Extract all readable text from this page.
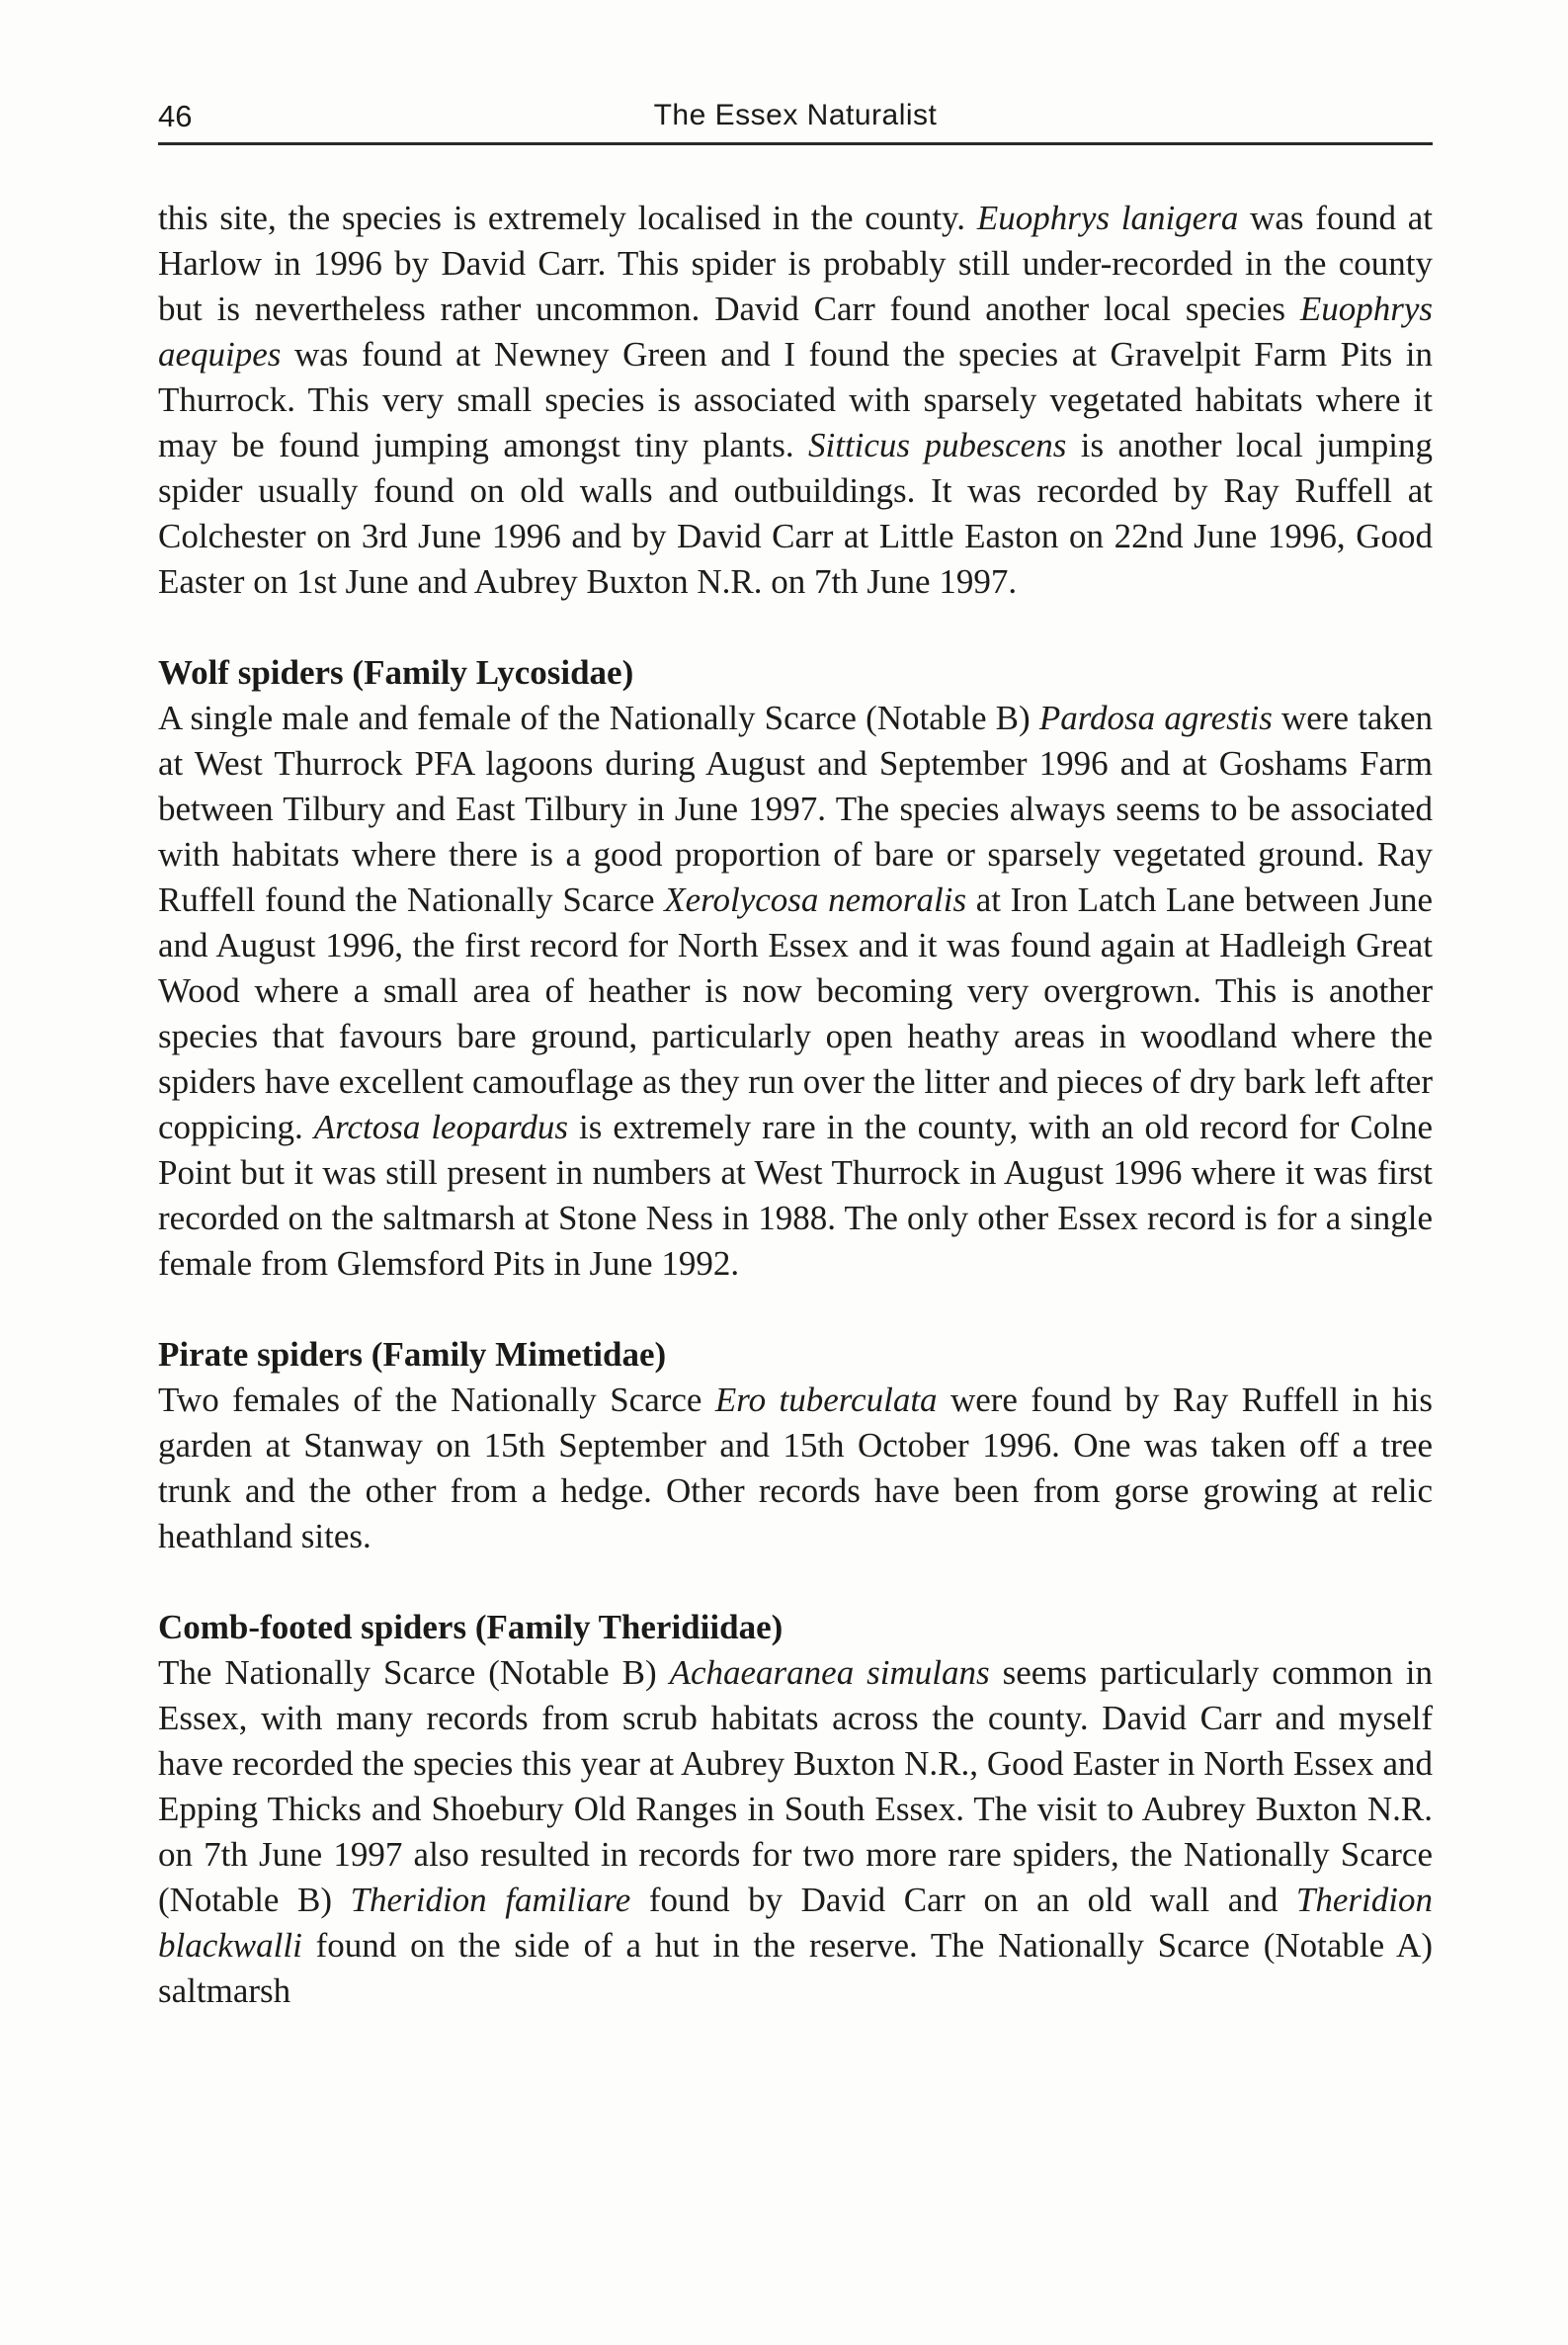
46	The Essex Naturalist

this site, the species is extremely localised in the county. Euophrys lanigera was found at Harlow in 1996 by David Carr. This spider is probably still under-recorded in the county but is nevertheless rather uncommon. David Carr found another local species Euophrys aequipes was found at Newney Green and I found the species at Gravelpit Farm Pits in Thurrock. This very small species is associated with sparsely vegetated habitats where it may be found jumping amongst tiny plants. Sitticus pubescens is another local jumping spider usually found on old walls and outbuildings. It was recorded by Ray Ruffell at Colchester on 3rd June 1996 and by David Carr at Little Easton on 22nd June 1996, Good Easter on 1st June and Aubrey Buxton N.R. on 7th June 1997.

Wolf spiders (Family Lycosidae)

A single male and female of the Nationally Scarce (Notable B) Pardosa agrestis were taken at West Thurrock PFA lagoons during August and September 1996 and at Goshams Farm between Tilbury and East Tilbury in June 1997. The species always seems to be associated with habitats where there is a good proportion of bare or sparsely vegetated ground. Ray Ruffell found the Nationally Scarce Xerolycosa nemoralis at Iron Latch Lane between June and August 1996, the first record for North Essex and it was found again at Hadleigh Great Wood where a small area of heather is now becoming very overgrown. This is another species that favours bare ground, particularly open heathy areas in woodland where the spiders have excellent camouflage as they run over the litter and pieces of dry bark left after coppicing. Arctosa leopardus is extremely rare in the county, with an old record for Colne Point but it was still present in numbers at West Thurrock in August 1996 where it was first recorded on the saltmarsh at Stone Ness in 1988. The only other Essex record is for a single female from Glemsford Pits in June 1992.

Pirate spiders (Family Mimetidae)

Two females of the Nationally Scarce Ero tuberculata were found by Ray Ruffell in his garden at Stanway on 15th September and 15th October 1996. One was taken off a tree trunk and the other from a hedge. Other records have been from gorse growing at relic heathland sites.

Comb-footed spiders (Family Theridiidae)

The Nationally Scarce (Notable B) Achaearanea simulans seems particularly common in Essex, with many records from scrub habitats across the county. David Carr and myself have recorded the species this year at Aubrey Buxton N.R., Good Easter in North Essex and Epping Thicks and Shoebury Old Ranges in South Essex. The visit to Aubrey Buxton N.R. on 7th June 1997 also resulted in records for two more rare spiders, the Nationally Scarce (Notable B) Theridion familiare found by David Carr on an old wall and Theridion blackwalli found on the side of a hut in the reserve. The Nationally Scarce (Notable A) saltmarsh
